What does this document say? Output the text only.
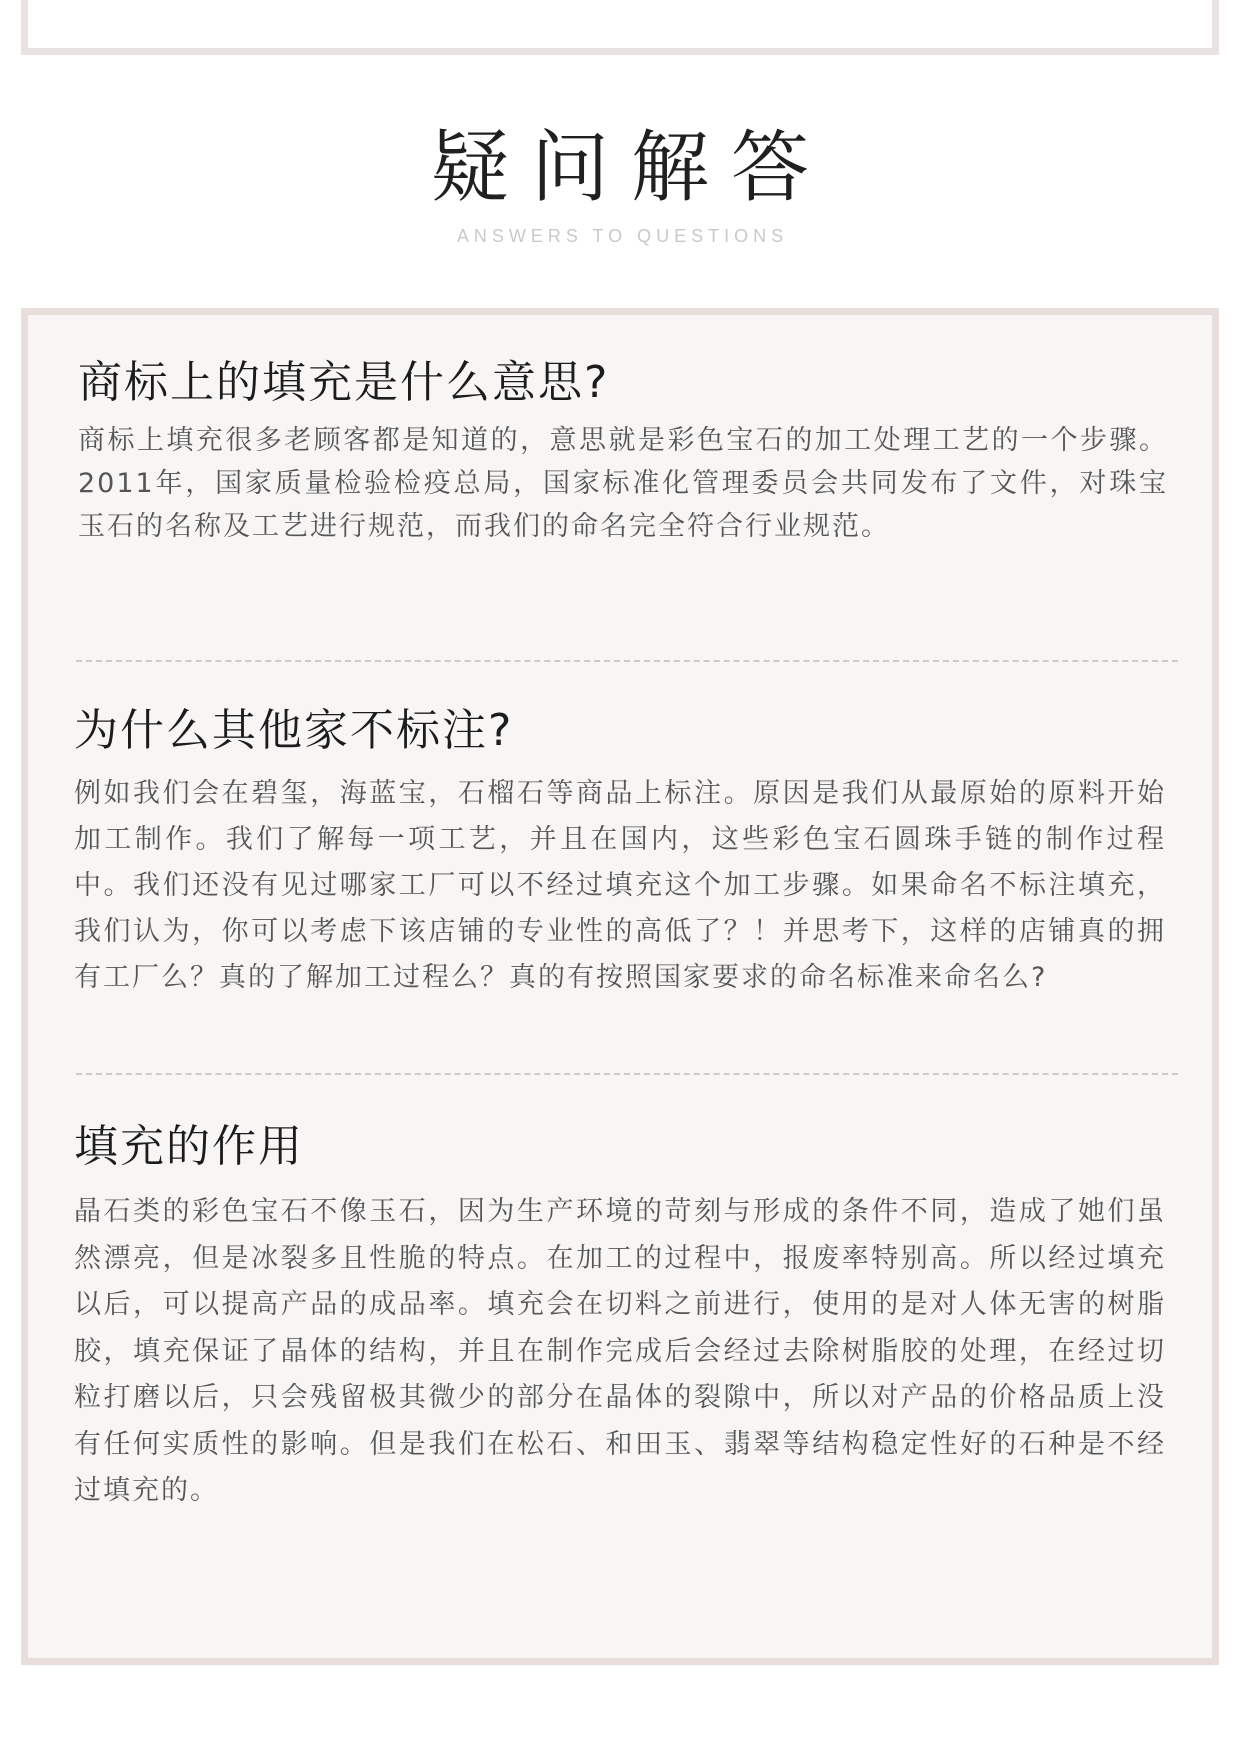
疑问解答
ANSWERS TO QUESTIONS
商标上的填充是什么意思?

商标上填充很多老顾客都是知道的，意思就是彩色宝石的加工处理工艺的一个步骤。2011年，国家质量检验检疫总局，国家标准化管理委员会共同发布了文件，对珠宝玉石的名称及工艺进行规范，而我们的命名完全符合行业规范。

为什么其他家不标注?

例如我们会在碧玺，海蓝宝，石榴石等商品上标注。原因是我们从最原始的原料开始加工制作。我们了解每一项工艺，并且在国内，这些彩色宝石圆珠手链的制作过程中。我们还没有见过哪家工厂可以不经过填充这个加工步骤。如果命名不标注填充，我们认为，你可以考虑下该店铺的专业性的高低了？！并思考下，这样的店铺真的拥有工厂么？真的了解加工过程么？真的有按照国家要求的命名标准来命名么?

填充的作用

晶石类的彩色宝石不像玉石，因为生产环境的苛刻与形成的条件不同，造成了她们虽然漂亮，但是冰裂多且性脆的特点。在加工的过程中，报废率特别高。所以经过填充以后，可以提高产品的成品率。填充会在切料之前进行，使用的是对人体无害的树脂胶，填充保证了晶体的结构，并且在制作完成后会经过去除树脂胶的处理，在经过切粒打磨以后，只会残留极其微少的部分在晶体的裂隙中，所以对产品的价格品质上没有任何实质性的影响。但是我们在松石、和田玉、翡翠等结构稳定性好的石种是不经过填充的。
